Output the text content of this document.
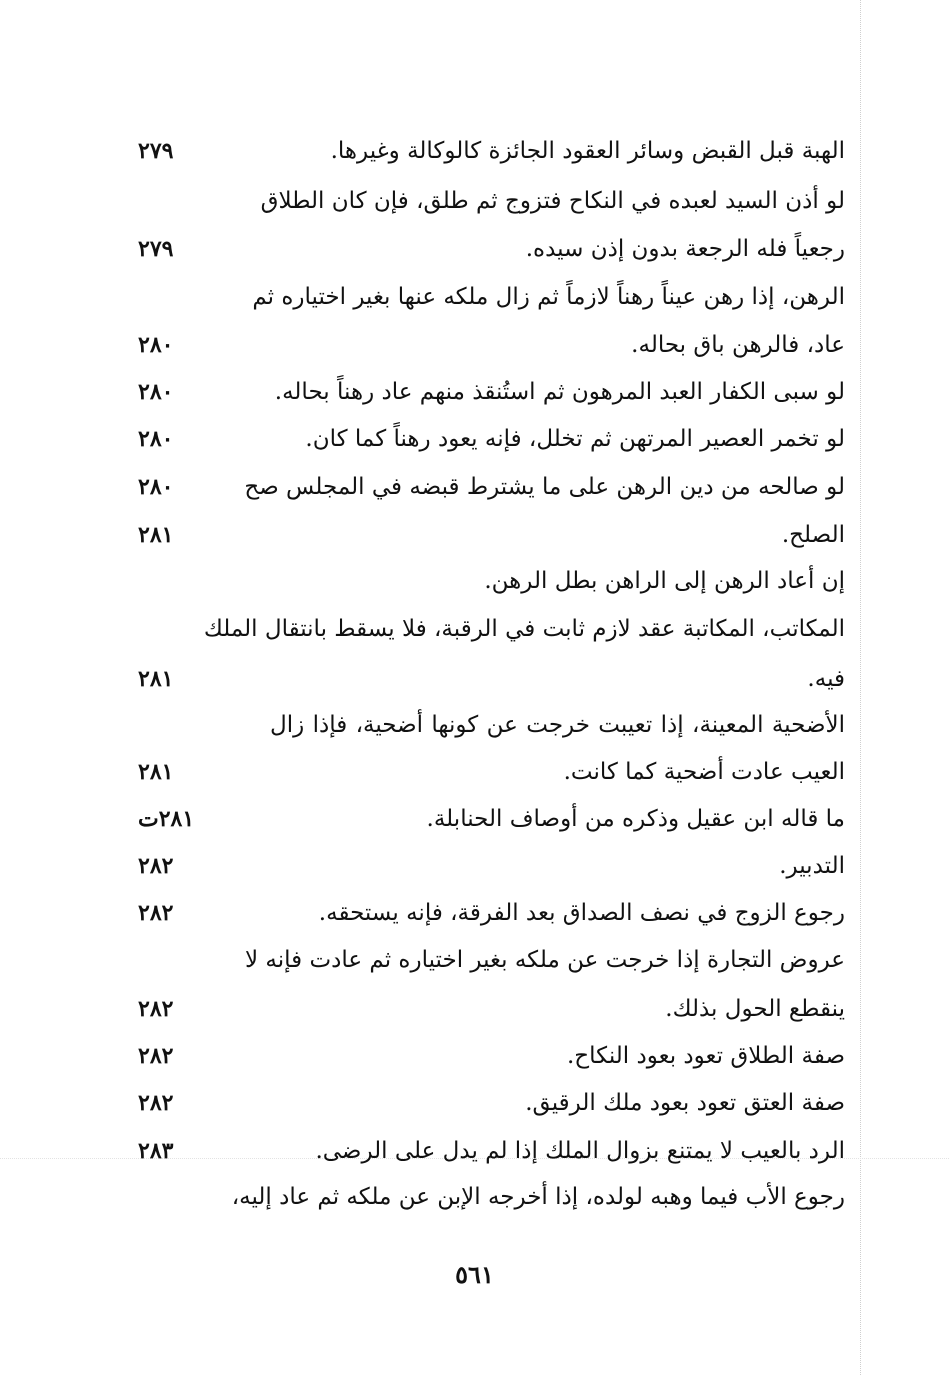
الهبة قبل القبض وسائر العقود الجائزة كالوكالة وغيرها.
٢٧٩
لو أذن السيد لعبده في النكاح فتزوج ثم طلق، فإن كان الطلاق
رجعياً فله الرجعة بدون إذن سيده.
٢٧٩
الرهن، إذا رهن عيناً رهناً لازماً ثم زال ملكه عنها بغير اختياره ثم
عاد، فالرهن باق بحاله.
٢٨٠
لو سبى الكفار العبد المرهون ثم استُنقذ منهم عاد رهناً بحاله.
٢٨٠
لو تخمر العصير المرتهن ثم تخلل، فإنه يعود رهناً كما كان.
٢٨٠
لو صالحه من دين الرهن على ما يشترط قبضه في المجلس صح
٢٨٠
الصلح.
٢٨١
إن أعاد الرهن إلى الراهن بطل الرهن.
المكاتب، المكاتبة عقد لازم ثابت في الرقبة، فلا يسقط بانتقال الملك
فيه.
٢٨١
الأضحية المعينة، إذا تعيبت خرجت عن كونها أضحية، فإذا زال
العيب عادت أضحية كما كانت.
٢٨١
ما قاله ابن عقيل وذكره من أوصاف الحنابلة.
٢٨١ت
التدبير.
٢٨٢
رجوع الزوج في نصف الصداق بعد الفرقة، فإنه يستحقه.
٢٨٢
عروض التجارة إذا خرجت عن ملكه بغير اختياره ثم عادت فإنه لا
ينقطع الحول بذلك.
٢٨٢
صفة الطلاق تعود بعود النكاح.
٢٨٢
صفة العتق تعود بعود ملك الرقيق.
٢٨٢
الرد بالعيب لا يمتنع بزوال الملك إذا لم يدل على الرضى.
٢٨٣
رجوع الأب فيما وهبه لولده، إذا أخرجه الإبن عن ملكه ثم عاد إليه،
٥٦١
